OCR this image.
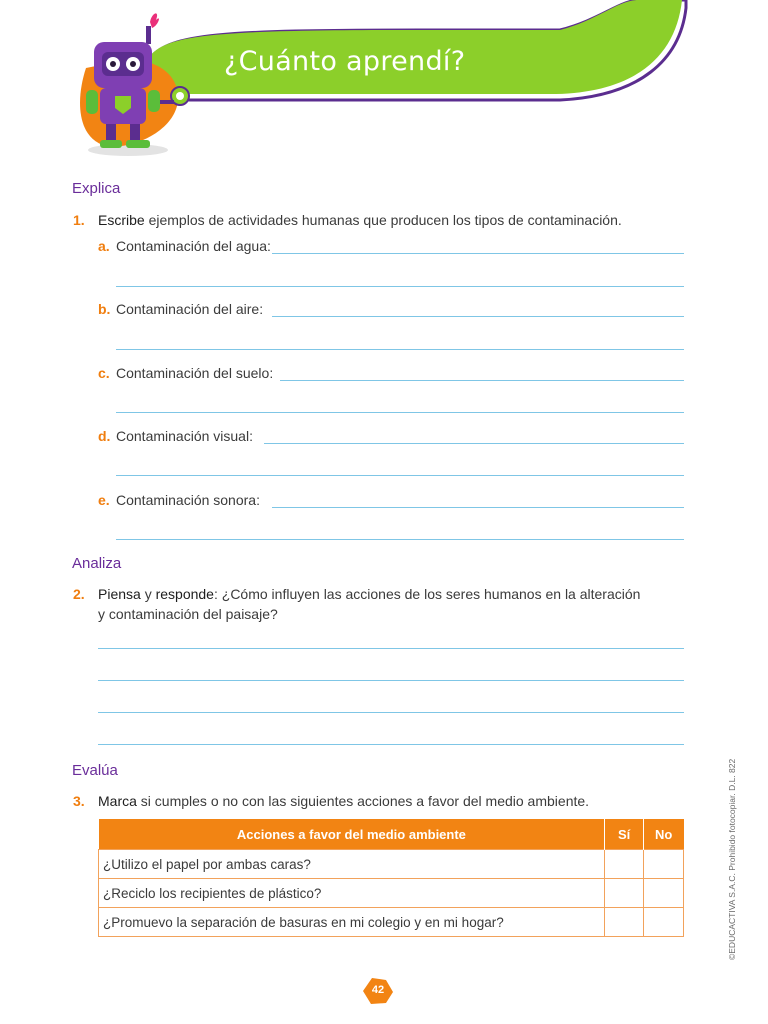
¿Cuánto aprendí?
Explica
1. Escribe ejemplos de actividades humanas que producen los tipos de contaminación.
a. Contaminación del agua:
b. Contaminación del aire:
c. Contaminación del suelo:
d. Contaminación visual:
e. Contaminación sonora:
Analiza
2. Piensa y responde: ¿Cómo influyen las acciones de los seres humanos en la alteración
y contaminación del paisaje?
Evalúa
3. Marca si cumples o no con las siguientes acciones a favor del medio ambiente.
Acciones a favor del medio ambiente	Sí	No
¿Utilizo el papel por ambas caras?		
¿Reciclo los recipientes de plástico?		
¿Promuevo la separación de basuras en mi colegio y en mi hogar?			©EDUCACTIVA S.A.C. Prohibido fotocopiar. D.L. 822
42
